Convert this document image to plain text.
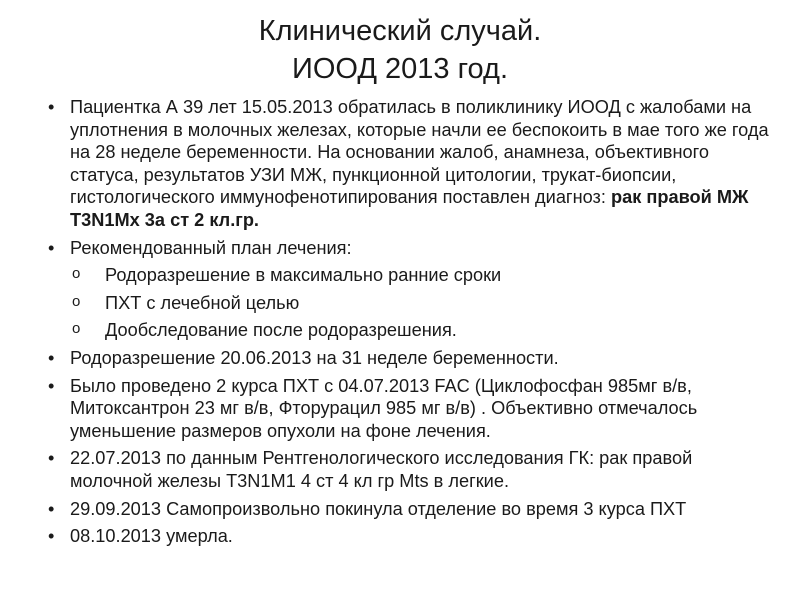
Клинический случай.
ИООД 2013 год.
• Пациентка А 39 лет 15.05.2013 обратилась в поликлинику ИООД с жалобами на уплотнения в молочных железах, которые начли ее беспокоить в мае того же года на 28 неделе беременности. На основании жалоб, анамнеза, объективного статуса, результатов УЗИ МЖ, пункционной цитологии, трукат-биопсии, гистологического иммунофенотипирования поставлен диагноз: рак правой МЖ T3N1Mx 3а ст 2 кл.гр.
• Рекомендованный план лечения:
o Родоразрешение в максимально ранние сроки
o ПХТ с лечебной целью
o Дообследование после родоразрешения.
• Родоразрешение 20.06.2013 на 31 неделе беременности.
• Было проведено 2 курса ПХТ с 04.07.2013 FAC (Циклофосфан 985мг в/в, Митоксантрон 23 мг в/в, Фторурацил 985 мг в/в) . Объективно отмечалось уменьшение размеров опухоли на фоне лечения.
• 22.07.2013 по данным Рентгенологического исследования ГК: рак правой молочной железы T3N1M1 4 ст 4 кл гр Mts в легкие.
• 29.09.2013 Самопроизвольно покинула отделение во время 3 курса ПХТ
• 08.10.2013 умерла.
